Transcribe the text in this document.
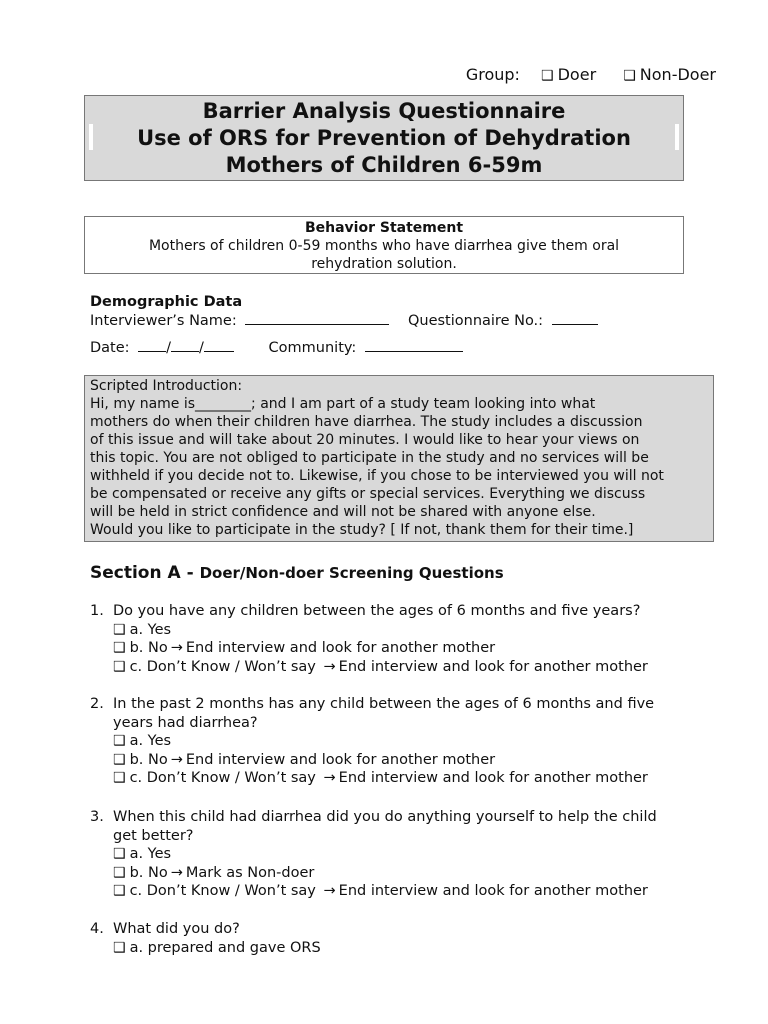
Group: ❑ Doer ❑ Non-Doer
Barrier Analysis Questionnaire
Use of ORS for Prevention of Dehydration
Mothers of Children 6-59m
Behavior Statement
Mothers of children 0-59 months who have diarrhea give them oral
rehydration solution.
Demographic Data
Interviewer’s Name:	Questionnaire No.:
Date:	/ /	Community:
Scripted Introduction:
Hi, my name is________; and I am part of a study team looking into what
mothers do when their children have diarrhea. The study includes a discussion
of this issue and will take about 20 minutes. I would like to hear your views on
this topic. You are not obliged to participate in the study and no services will be
withheld if you decide not to. Likewise, if you chose to be interviewed you will not
be compensated or receive any gifts or special services. Everything we discuss
will be held in strict confidence and will not be shared with anyone else.
Would you like to participate in the study? [ If not, thank them for their time.]
Section A - Doer/Non-doer Screening Questions
1. Do you have any children between the ages of 6 months and five years?
❑ a. Yes
❑ b. No → End interview and look for another mother
❑ c. Don’t Know / Won’t say → End interview and look for another mother
2. In the past 2 months has any child between the ages of 6 months and five
years had diarrhea?
❑ a. Yes
❑ b. No → End interview and look for another mother
❑ c. Don’t Know / Won’t say → End interview and look for another mother
3. When this child had diarrhea did you do anything yourself to help the child
get better?
❑ a. Yes
❑ b. No → Mark as Non-doer
❑ c. Don’t Know / Won’t say → End interview and look for another mother
4. What did you do?
❑ a. prepared and gave ORS
